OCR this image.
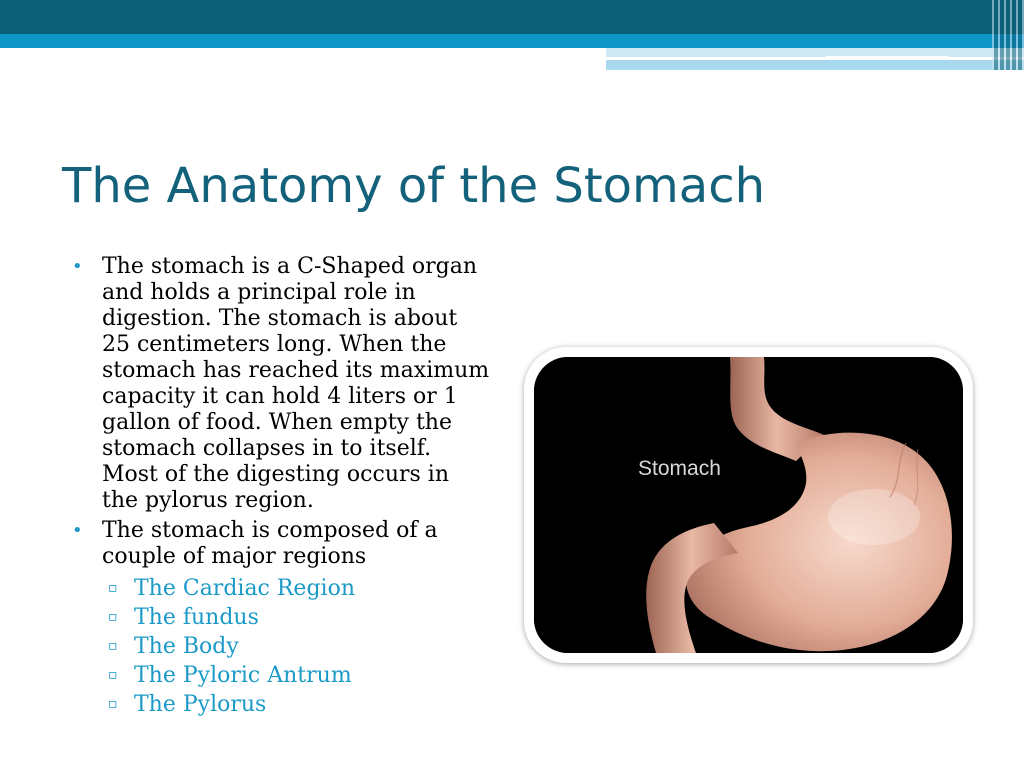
The Anatomy of the Stomach
• The stomach is a C-Shaped organ and holds a principal role in digestion. The stomach is about 25 centimeters long. When the stomach has reached its maximum capacity it can hold 4 liters or 1 gallon of food. When empty the stomach collapses in to itself. Most of the digesting occurs in the pylorus region.
• The stomach is composed of a couple of major regions
▫ The Cardiac Region
▫ The fundus
▫ The Body
▫ The Pyloric Antrum
▫ The Pylorus
Stomach
